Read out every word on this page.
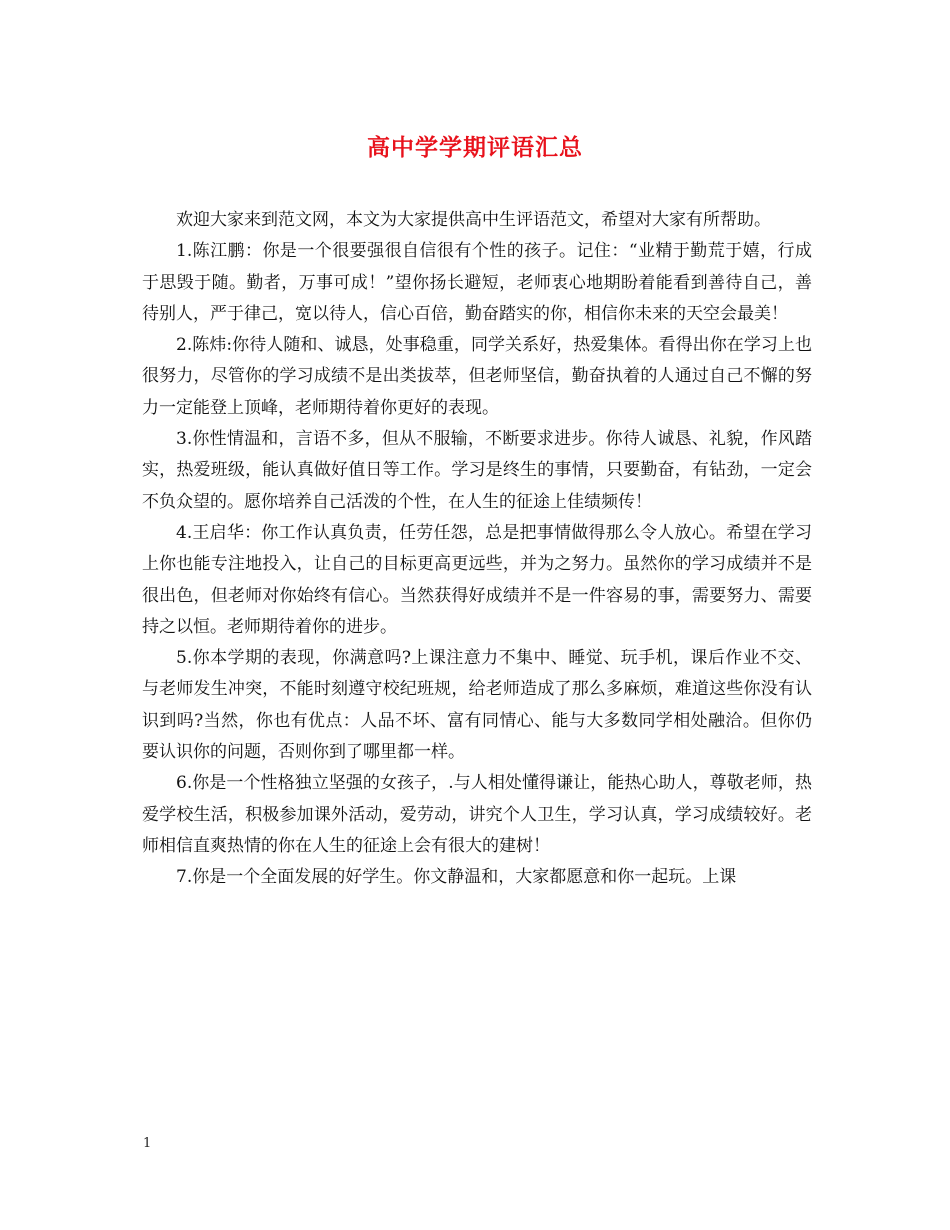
高中学学期评语汇总

欢迎大家来到范文网，本文为大家提供高中生评语范文，希望对大家有所帮助。

1.陈江鹏：你是一个很要强很自信很有个性的孩子。记住：“业精于勤荒于嬉，行成于思毁于随。勤者，万事可成！”望你扬长避短，老师衷心地期盼着能看到善待自己，善待别人，严于律己，宽以待人，信心百倍，勤奋踏实的你，相信你未来的天空会最美！

2.陈炜:你待人随和、诚恳，处事稳重，同学关系好，热爱集体。看得出你在学习上也很努力，尽管你的学习成绩不是出类拔萃，但老师坚信，勤奋执着的人通过自己不懈的努力一定能登上顶峰，老师期待着你更好的表现。

3.你性情温和，言语不多，但从不服输，不断要求进步。你待人诚恳、礼貌，作风踏实，热爱班级，能认真做好值日等工作。学习是终生的事情，只要勤奋，有钻劲，一定会不负众望的。愿你培养自己活泼的个性，在人生的征途上佳绩频传！

4.王启华：你工作认真负责，任劳任怨，总是把事情做得那么令人放心。希望在学习上你也能专注地投入，让自己的目标更高更远些，并为之努力。虽然你的学习成绩并不是很出色，但老师对你始终有信心。当然获得好成绩并不是一件容易的事，需要努力、需要持之以恒。老师期待着你的进步。

5.你本学期的表现，你满意吗?上课注意力不集中、睡觉、玩手机，课后作业不交、与老师发生冲突，不能时刻遵守校纪班规，给老师造成了那么多麻烦，难道这些你没有认识到吗?当然，你也有优点：人品不坏、富有同情心、能与大多数同学相处融洽。但你仍要认识你的问题，否则你到了哪里都一样。

6.你是一个性格独立坚强的女孩子，.与人相处懂得谦让，能热心助人，尊敬老师，热爱学校生活，积极参加课外活动，爱劳动，讲究个人卫生，学习认真，学习成绩较好。老师相信直爽热情的你在人生的征途上会有很大的建树！

7.你是一个全面发展的好学生。你文静温和，大家都愿意和你一起玩。上课

1
